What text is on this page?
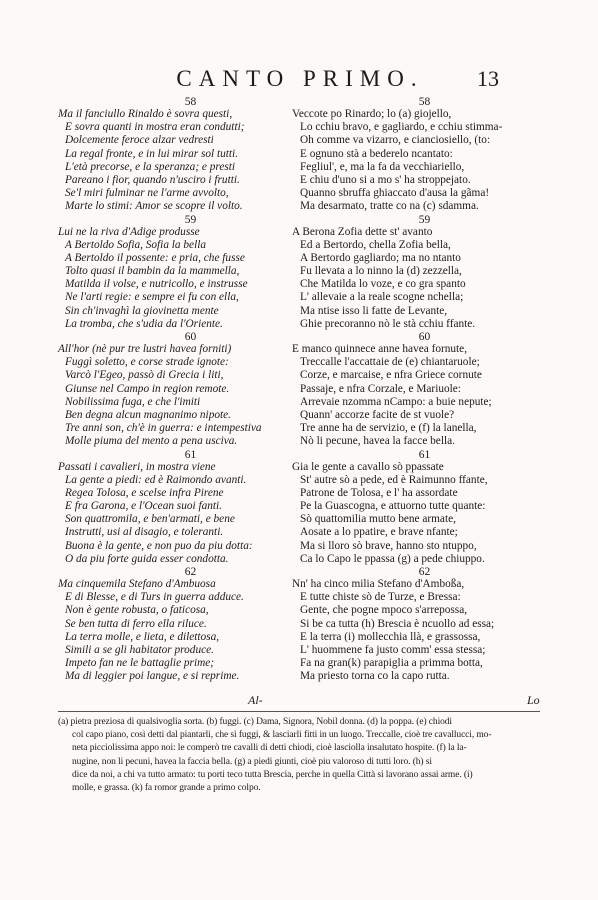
CANTO PRIMO.	13
58
Ma il fanciullo Rinaldo è sovra questi,
E sovra quanti in mostra eran condutti;
Dolcemente feroce alzar vedresti
La regal fronte, e in lui mirar sol tutti.
L'età precorse, e la speranza; e presti
Pareano i fior, quando n'usciro i frutti.
Se'l miri fulminar ne l'arme avvolto,
Marte lo stimi: Amor se scopre il volto.
59
Lui ne la riva d'Adige produsse
A Bertoldo Sofia, Sofia la bella
A Bertoldo il possente: e pria, che fusse
Tolto quasi il bambin da la mammella,
Matilda il volse, e nutricollo, e instrusse
Ne l'arti regie: e sempre ei fu con ella,
Sin ch'invaghì la giovinetta mente
La tromba, che s'udia da l'Oriente.
60
All'hor (nè pur tre lustri havea forniti)
Fuggì soletto, e corse strade ignote:
Varcò l'Egeo, passò di Grecia i liti,
Giunse nel Campo in region remote.
Nobilissima fuga, e che l'imiti
Ben degna alcun magnanimo nipote.
Tre anni son, ch'è in guerra: e intempestiva
Molle piuma del mento a pena usciva.
61
Passati i cavalieri, in mostra viene
La gente a piedi: ed è Raimondo avanti.
Regea Tolosa, e scelse infra Pirene
E fra Garona, e l'Ocean suoi fanti.
Son quattromila, e ben'armati, e bene
Instrutti, usi al disagio, e toleranti.
Buona è la gente, e non puo da piu dotta:
O da piu forte guida esser condotta.
62
Ma cinquemila Stefano d'Ambuosa
E di Blesse, e di Turs in guerra adduce.
Non è gente robusta, o faticosa,
Se ben tutta di ferro ella riluce.
La terra molle, e lieta, e dilettosa,
Simili a se gli habitator produce.
Impeto fan ne le battaglie prime;
Ma di leggier poi langue, e si reprime.
58
Veccote po Rinardo; lo (a) giojello,
Lo cchiu bravo, e gagliardo, e cchiu stimma-
Oh comme va vizarro, e cianciosiello, (to:
E ognuno stà a bederelo ncantato:
Fegliul', e, ma la fa da vecchiariello,
E chiu d'uno si a mo s' ha stroppejato.
Quanno sbruffa ghiaccato d'ausa la gãma!
Ma desarmato, tratte co na (c) sdamma.
59
A Berona Zofia dette st' avanto
Ed a Bertordo, chella Zofia bella,
A Bertordo gagliardo; ma no ntanto
Fu llevata a lo ninno la (d) zezzella,
Che Matilda lo voze, e co gra spanto
L' allevaie a la reale scogne nchella;
Ma ntise isso li fatte de Levante,
Ghie precoranno nò le stà cchiu ffante.
60
E manco quinnece anne havea fornute,
Treccalle l'accattaie de (e) chiantaruole;
Corze, e marcaise, e nfra Griece cornute
Passaje, e nfra Corzale, e Mariuole:
Arrevaie nzomma nCampo: a buie nepute;
Quann' accorze facite de st vuole?
Tre anne ha de servizio, e (f) la lanella,
Nò li pecune, havea la facce bella.
61
Gia le gente a cavallo sò ppassate
St' autre sò a pede, ed è Raimunno ffante,
Patrone de Tolosa, e l' ha assordate
Pe la Guascogna, e attuorno tutte quante:
Sò quattomilia mutto bene armate,
Aosate a lo ppatire, e brave nfante;
Ma si lloro sò brave, hanno sto ntuppo,
Ca lo Capo le ppassa (g) a pede chiuppo.
62
Nn' ha cinco milia Stefano d'Amboßa,
E tutte chiste sò de Turze, e Bressa:
Gente, che pogne mpoco s'arrepossa,
Si be ca tutta (h) Brescia è ncuollo ad essa;
E la terra (i) mollecchia llà, e grassossa,
L' huommene fa justo comm' essa stessa;
Fa na gran(k) parapiglia a primma botta,
Ma priesto torna co la capo rutta.
Al-	Lo
(a) pietra preziosa di qualsivoglia sorta. (b) fuggi. (c) Dama, Signora, Nobil donna. (d) la poppa. (e) chiodi
col capo piano, così detti dal piantarli, che si fuggi, & lasciarli fitti in un luogo. Treccalle, cioè tre cavallucci, mo-
neta picciolissima appo noi: le comperò tre cavalli di detti chiodi, cioè lasciolla insalutato hospite. (f) la la-
nugine, non li pecuni, havea la faccia bella. (g) a piedi giunti, cioè piu valoroso di tutti loro. (h) si
dice da noi, a chi va tutto armato: tu porti teco tutta Brescia, perche in quella Città si lavorano assai arme. (i)
molle, e grassa. (k) fa romor grande a primo colpo.
